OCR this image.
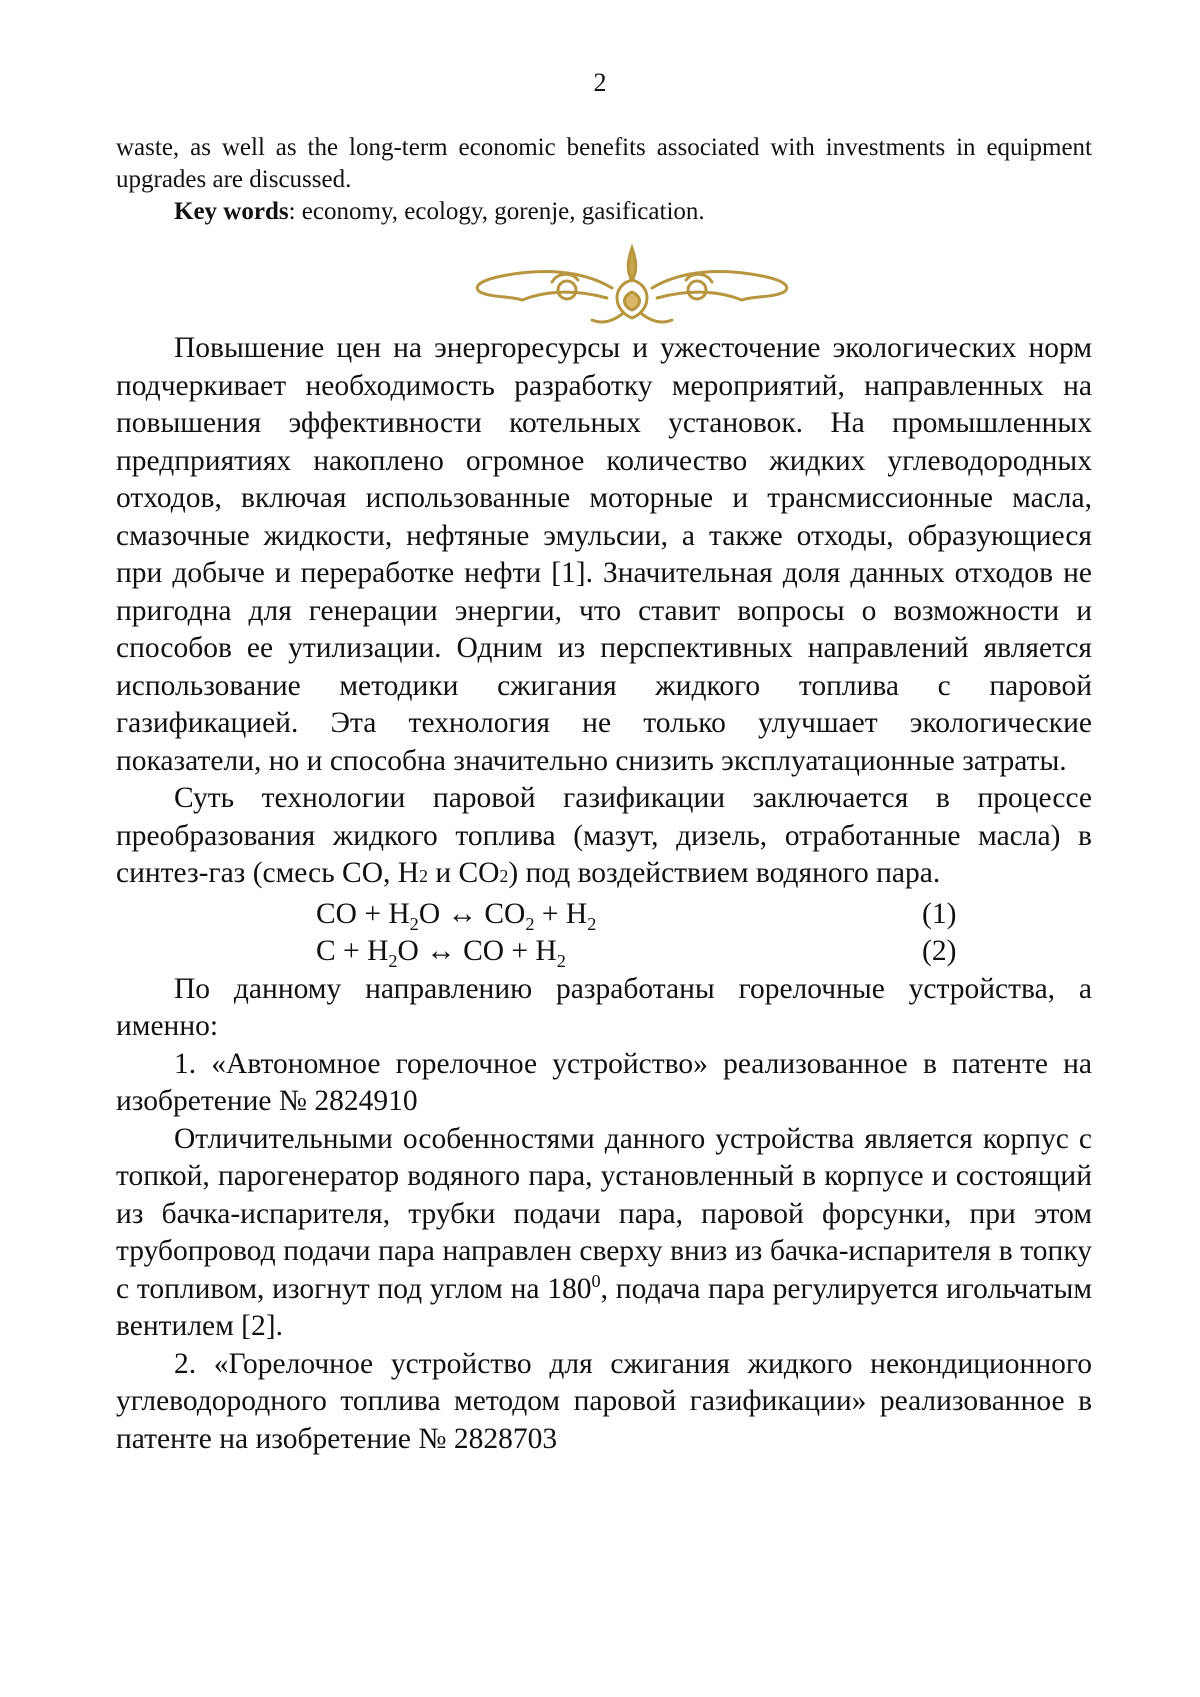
2

waste, as well as the long-term economic benefits associated with investments in equipment upgrades are discussed.

Key words: economy, ecology, gorenje, gasification.

Повышение цен на энергоресурсы и ужесточение экологических норм подчеркивает необходимость разработку мероприятий, направленных на повышения эффективности котельных установок. На промышленных предприятиях накоплено огромное количество жидких углеводородных отходов, включая использованные моторные и трансмиссионные масла, смазочные жидкости, нефтяные эмульсии, а также отходы, образующиеся при добыче и переработке нефти [1]. Значительная доля данных отходов не пригодна для генерации энергии, что ставит вопросы о возможности и способов ее утилизации. Одним из перспективных направлений является использование методики сжигания жидкого топлива с паровой газификацией. Эта технология не только улучшает экологические показатели, но и способна значительно снизить эксплуатационные затраты.

Суть технологии паровой газификации заключается в процессе преобразования жидкого топлива (мазут, дизель, отработанные масла) в синтез-газ (смесь CO, H2 и CO2) под воздействием водяного пара.

CO + $H_2O$ ↔ $CO_2 + H_2$	(1)
$C + H_2O$ ↔ CO + $H_2$	(2)

По данному направлению разработаны горелочные устройства, а именно:

1. «Автономное горелочное устройство» реализованное в патенте на изобретение № 2824910

Отличительными особенностями данного устройства является корпус с топкой, парогенератор водяного пара, установленный в корпусе и состоящий из бачка-испарителя, трубки подачи пара, паровой форсунки, при этом трубопровод подачи пара направлен сверху вниз из бачка-испарителя в топку с топливом, изогнут под углом на $180^0$, подача пара регулируется игольчатым вентилем [2].

2. «Горелочное устройство для сжигания жидкого некондиционного углеводородного топлива методом паровой газификации» реализованное в патенте на изобретение № 2828703
